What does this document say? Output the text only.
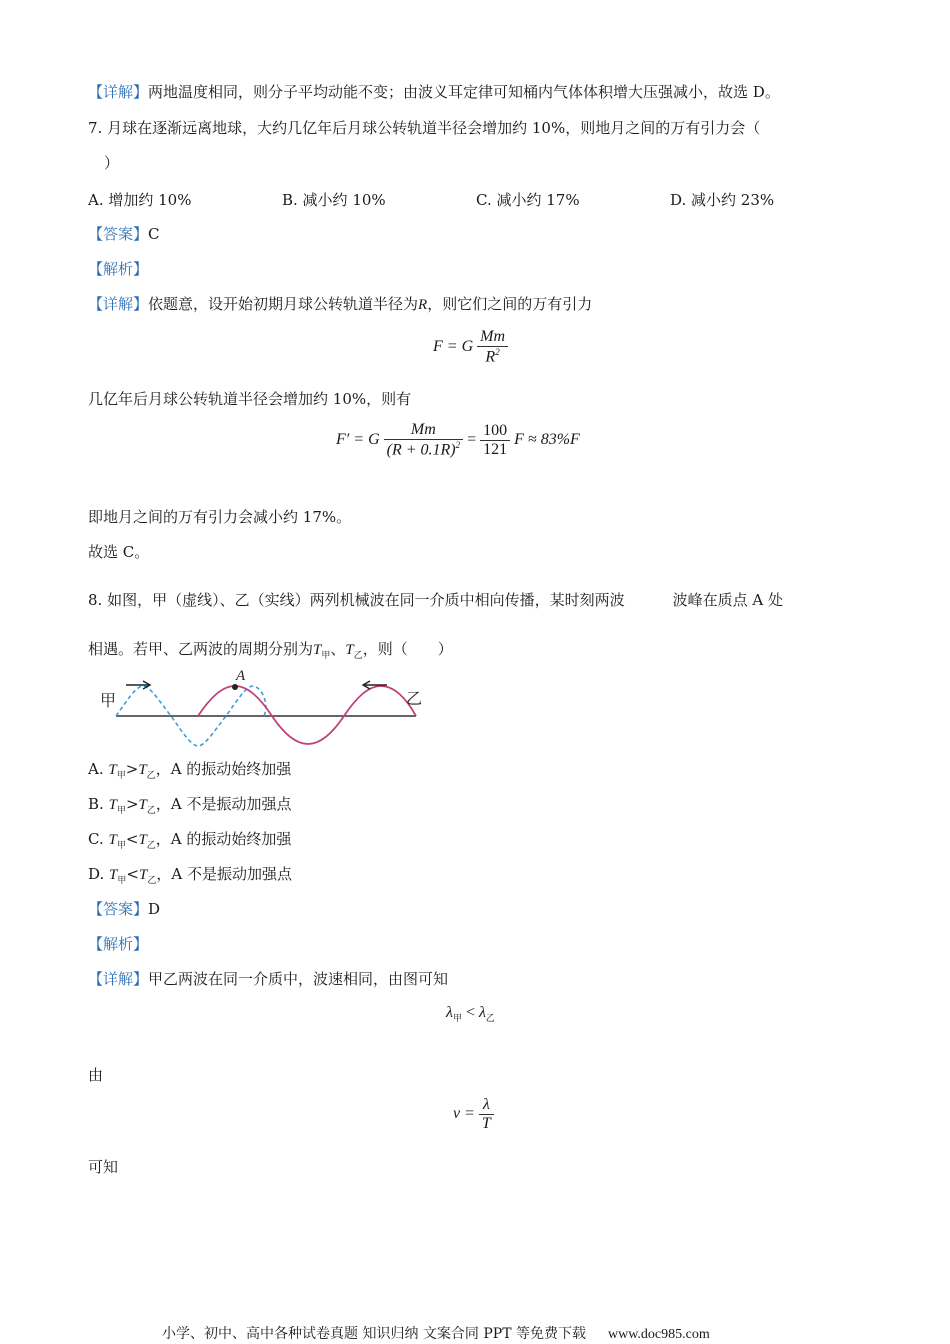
【详解】两地温度相同，则分子平均动能不变；由波义耳定律可知桶内气体体积增大压强减小，故选 D。
7. 月球在逐渐远离地球，大约几亿年后月球公转轨道半径会增加约 10%，则地月之间的万有引力会（
）
A. 增加约 10%	B. 减小约 10%	C. 减小约 17%	D. 减小约 23%
【答案】C
【解析】
【详解】依题意，设开始初期月球公转轨道半径为R，则它们之间的万有引力
F = G $\frac{Mm}{R^2}$
几亿年后月球公转轨道半径会增加约 10%，则有
F′ = G $\frac{Mm}{(R + 0.1R)^2} = \frac{100}{121}$ F ≈ 83%F
即地月之间的万有引力会减小约 17%。
故选 C。
8. 如图，甲（虚线）、乙（实线）两列机械波在同一介质中相向传播，某时刻两波	波峰在质点 A 处
相遇。若甲、乙两波的周期分别为$T_甲$、$T_乙$，则（　　）
A
甲	乙
A. $T_甲>T_乙$，A 的振动始终加强
B. $T_甲>T_乙$，A 不是振动加强点
C. $T_甲<T_乙$，A 的振动始终加强
D. $T_甲<T_乙$，A 不是振动加强点
【答案】D
【解析】
【详解】甲乙两波在同一介质中，波速相同，由图可知
$\lambda_甲 < \lambda_乙$
由
$v = \frac{\lambda}{T}$
可知
小学、初中、高中各种试卷真题 知识归纳 文案合同 PPT 等免费下载 www.doc985.com
